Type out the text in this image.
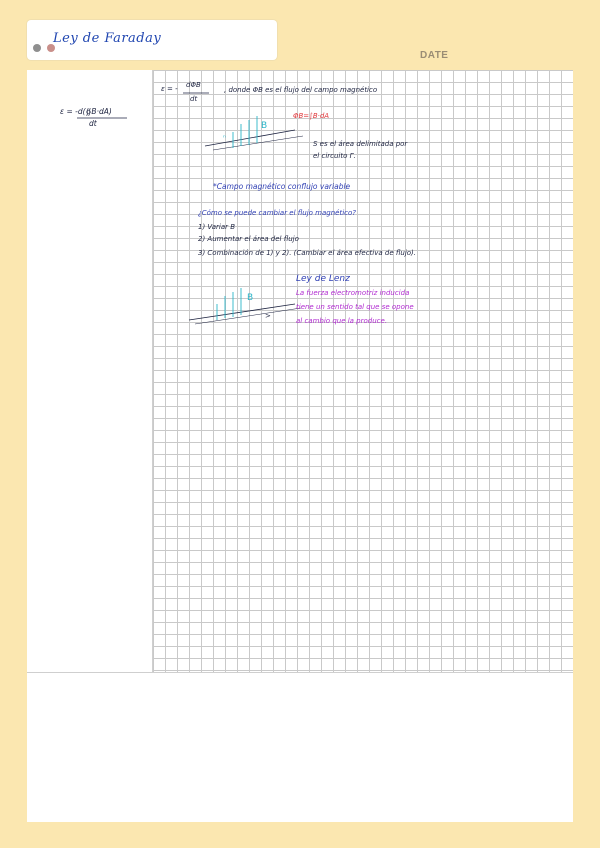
Ley de Faraday
DATE
ε = -d(∯B·dA)
dt
ε = - dΦB
dt
, donde ΦB es el flujo del campo magnético
B
ⁿ
ΦB=∫B·dA
S es el área delimitada por
el circuito Γ.
*Campo magnético conflujo variable
¿Cómo se puede cambiar el flujo magnético?
1) Variar B
2) Aumentar el área del flujo
3) Combinación de 1) y 2). (Cambiar el área efectiva de flujo).
B
>
Ley de Lenz
La fuerza electromotriz inducida
tiene un sentido tal que se opone
al cambio que la produce.
